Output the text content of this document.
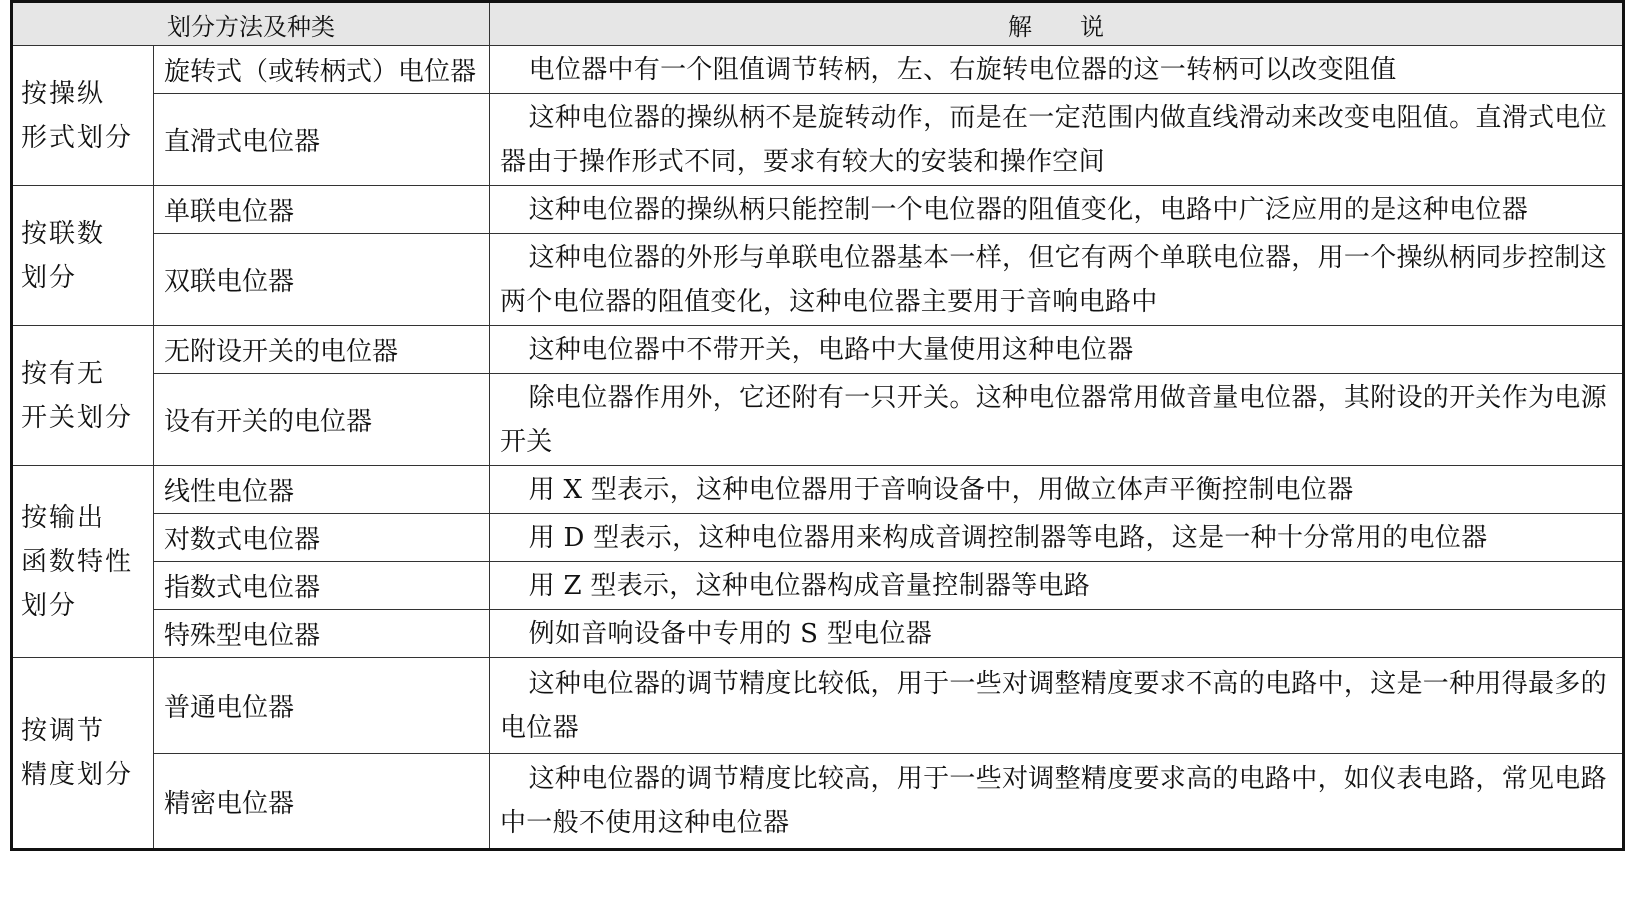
划分方法及种类		解　　说

按操纵
形式划分	旋转式（或转柄式）电位器	电位器中有一个阻值调节转柄，左、右旋转电位器的这一转柄可以改变阻值
	直滑式电位器	这种电位器的操纵柄不是旋转动作，而是在一定范围内做直线滑动来改变电阻值。直滑式电位器由于操作形式不同，要求有较大的安装和操作空间

按联数
划分	单联电位器	这种电位器的操纵柄只能控制一个电位器的阻值变化，电路中广泛应用的是这种电位器
	双联电位器	这种电位器的外形与单联电位器基本一样，但它有两个单联电位器，用一个操纵柄同步控制这两个电位器的阻值变化，这种电位器主要用于音响电路中

按有无
开关划分	无附设开关的电位器	这种电位器中不带开关，电路中大量使用这种电位器
	设有开关的电位器	除电位器作用外，它还附有一只开关。这种电位器常用做音量电位器，其附设的开关作为电源开关

按输出
函数特性
划分	线性电位器	用 X 型表示，这种电位器用于音响设备中，用做立体声平衡控制电位器
	对数式电位器	用 D 型表示，这种电位器用来构成音调控制器等电路，这是一种十分常用的电位器
	指数式电位器	用 Z 型表示，这种电位器构成音量控制器等电路
	特殊型电位器	例如音响设备中专用的 S 型电位器

按调节
精度划分	普通电位器	这种电位器的调节精度比较低，用于一些对调整精度要求不高的电路中，这是一种用得最多的电位器
	精密电位器	这种电位器的调节精度比较高，用于一些对调整精度要求高的电路中，如仪表电路，常见电路中一般不使用这种电位器
